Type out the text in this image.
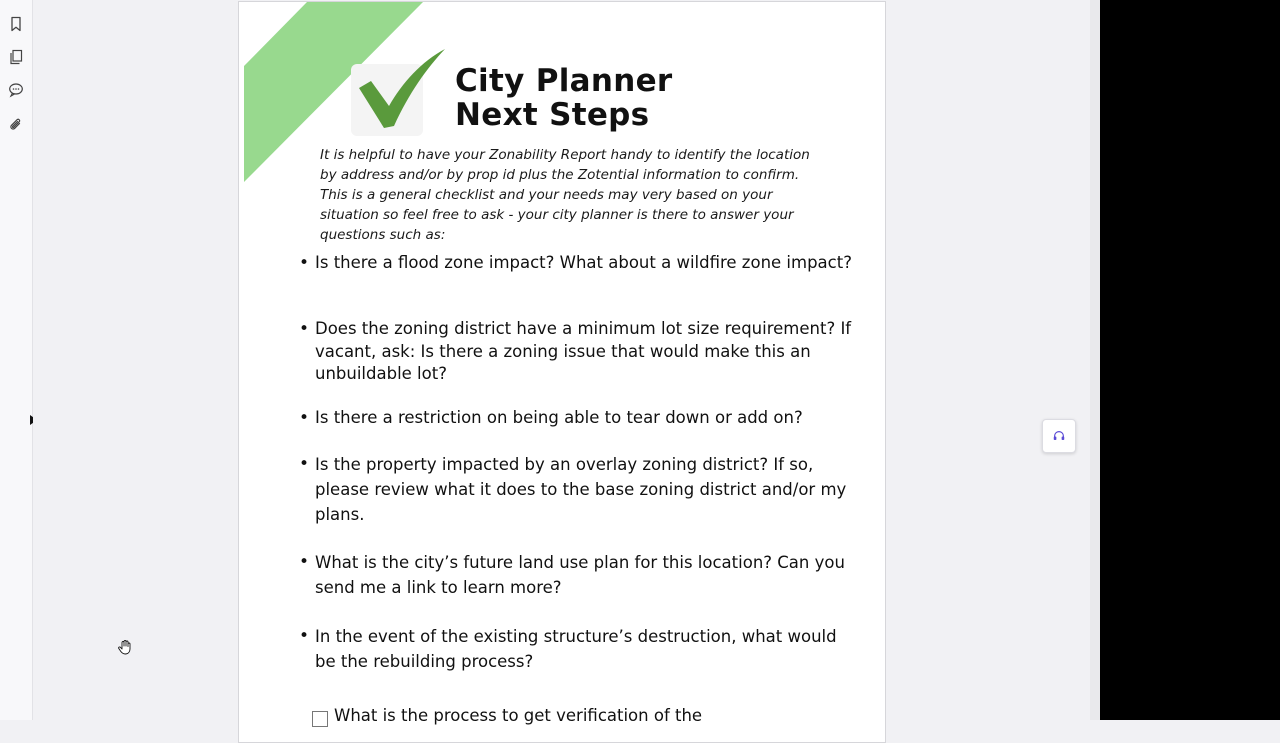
City Planner
Next Steps

It is helpful to have your Zonability Report handy to identify the location by address and/or by prop id plus the Zotential information to confirm. This is a general checklist and your needs may very based on your situation so feel free to ask - your city planner is there to answer your questions such as:

• Is there a flood zone impact? What about a wildfire zone impact?
• Does the zoning district have a minimum lot size requirement? If vacant, ask: Is there a zoning issue that would make this an unbuildable lot?
• Is there a restriction on being able to tear down or add on?
• Is the property impacted by an overlay zoning district? If so, please review what it does to the base zoning district and/or my plans.
• What is the city’s future land use plan for this location? Can you send me a link to learn more?
• In the event of the existing structure’s destruction, what would be the rebuilding process?
What is the process to get verification of the
